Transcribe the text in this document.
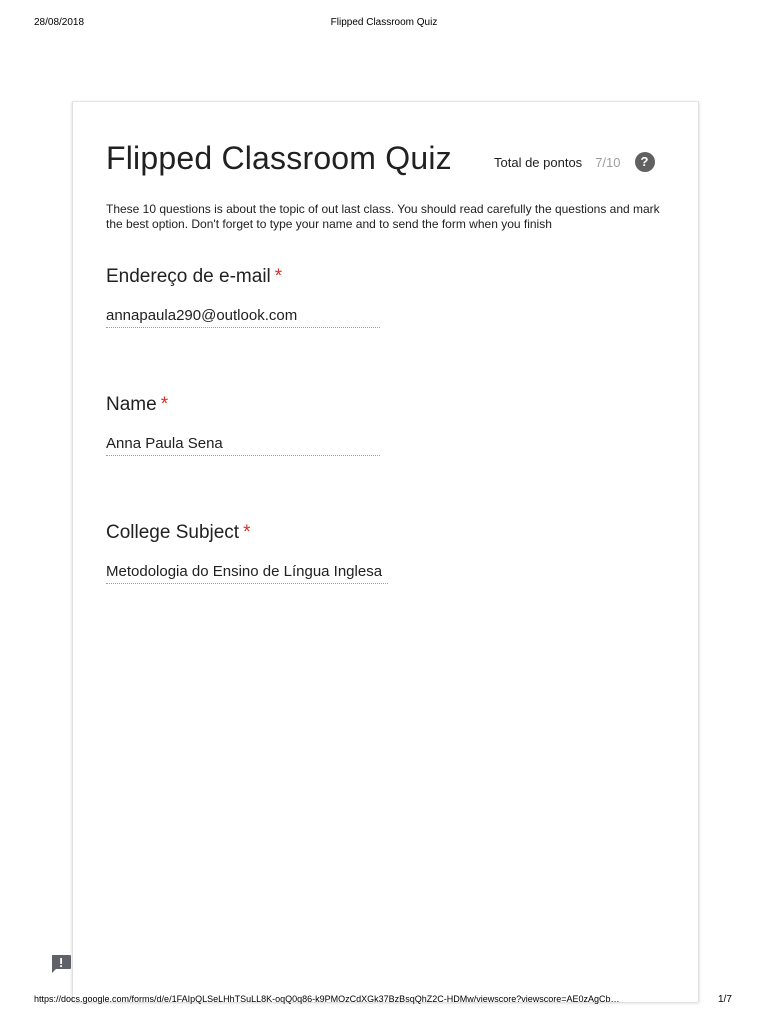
28/08/2018	Flipped Classroom Quiz
Flipped Classroom Quiz	Total de pontos 7/10	?

These 10 questions is about the topic of out last class. You should read carefully the questions and mark the best option. Don't forget to type your name and to send the form when you finish

Endereço de e-mail *

annapaula290@outlook.com

Name *

Anna Paula Sena

College Subject *

Metodologia do Ensino de Língua Inglesa
https://docs.google.com/forms/d/e/1FAIpQLSeLHhTSuLL8K-oqQ0q86-k9PMOzCdXGk37BzBsqQhZ2C-HDMw/viewscore?viewscore=AE0zAgCb…	1/7
